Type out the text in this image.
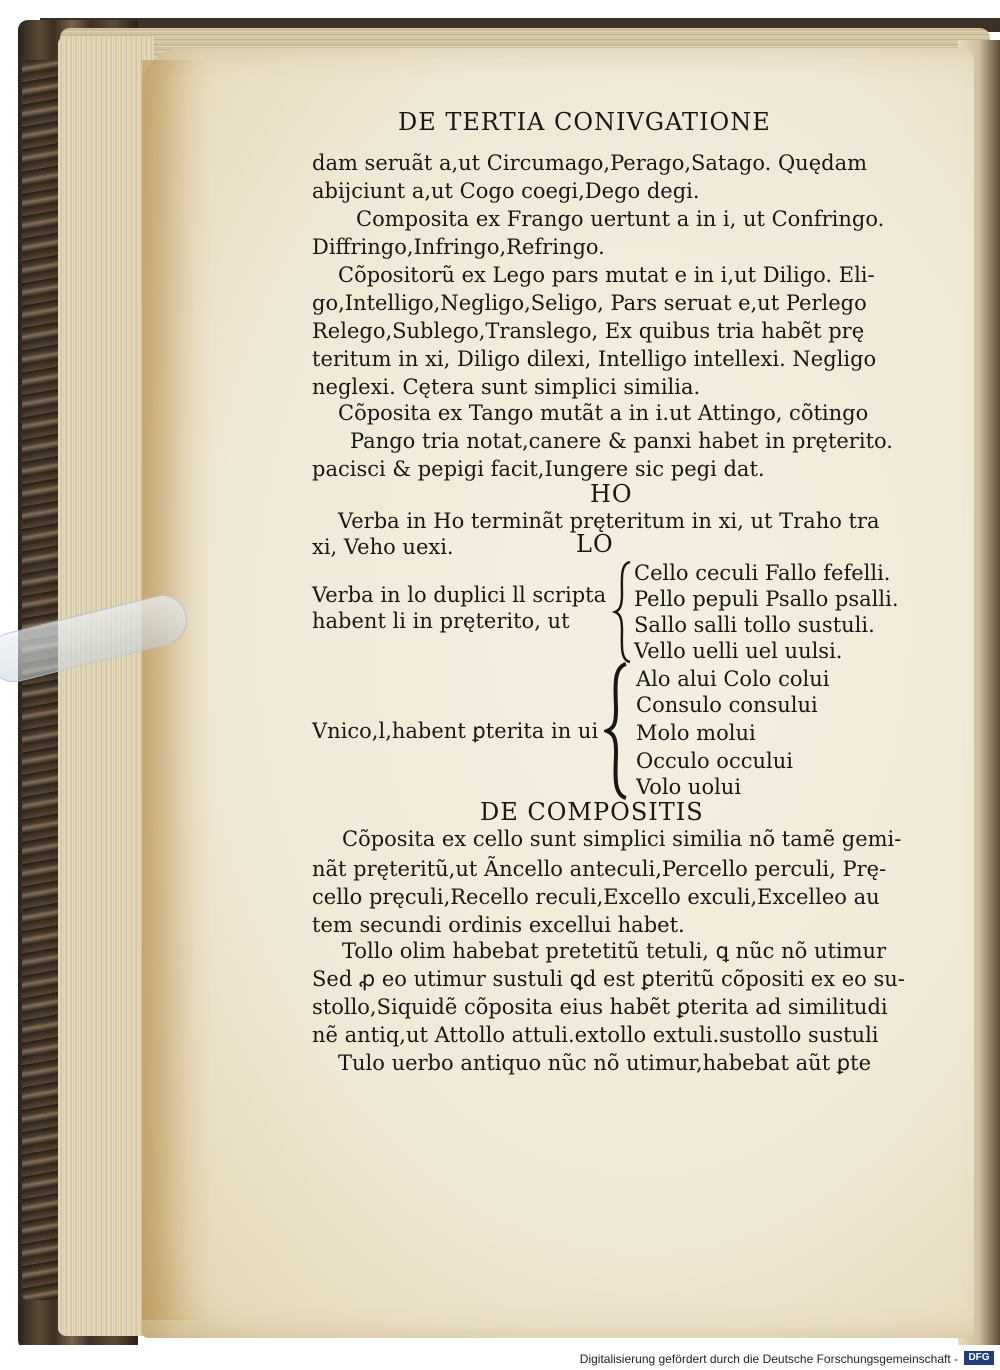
DE TERTIA CONIVGATIONE
dam seruãt a,ut Circumago,Perago,Satago. Quędam
abijciunt a,ut Cogo coegi,Dego degi.
Composita ex Frango uertunt a in i, ut Confringo.
Diffringo,Infringo,Refringo.
Cõpositorũ ex Lego pars mutat e in i,ut Diligo. Eli-
go,Intelligo,Negligo,Seligo, Pars seruat e,ut Perlego
Relego,Sublego,Translego, Ex quibus tria habẽt prę
teritum in xi, Diligo dilexi, Intelligo intellexi. Negligo
neglexi. Cętera sunt simplici similia.
Cõposita ex Tango mutãt a in i.ut Attingo, cõtingo
Pango tria notat,canere & panxi habet in pręterito.
pacisci & pepigi facit,Iungere sic pegi dat.
HO
Verba in Ho terminãt pręteritum in xi, ut Traho tra
xi, Veho uexi.	LO
Verba in lo duplici ll scripta
habent li in pręterito, ut
Cello ceculi Fallo fefelli.
Pello pepuli Psallo psalli.
Sallo salli tollo sustuli.
Vello uelli uel uulsi.
Vnico,l,habent ꝑterita in ui
Alo alui Colo colui
Consulo consului
Molo molui
Occulo occului
Volo uolui
DE COMPOSITIS
Cõposita ex cello sunt simplici similia nõ tamẽ gemi-
nãt pręteritũ,ut Ãncello anteculi,Percello perculi, Prę-
cello pręculi,Recello reculi,Excello exculi,Excelleo au
tem secundi ordinis excellui habet.
Tollo olim habebat pretetitũ tetuli, ꝗ nũc nõ utimur
Sed ꝓ eo utimur sustuli ꝗd est ꝑteritũ cõpositi ex eo su-
stollo,Siquidẽ cõposita eius habẽt ꝑterita ad similitudi
nẽ antiq,ut Attollo attuli.extollo extuli.sustollo sustuli
Tulo uerbo antiquo nũc nõ utimur,habebat aũt ꝑte
Digitalisierung gefördert durch die Deutsche Forschungsgemeinschaft -	DFG
